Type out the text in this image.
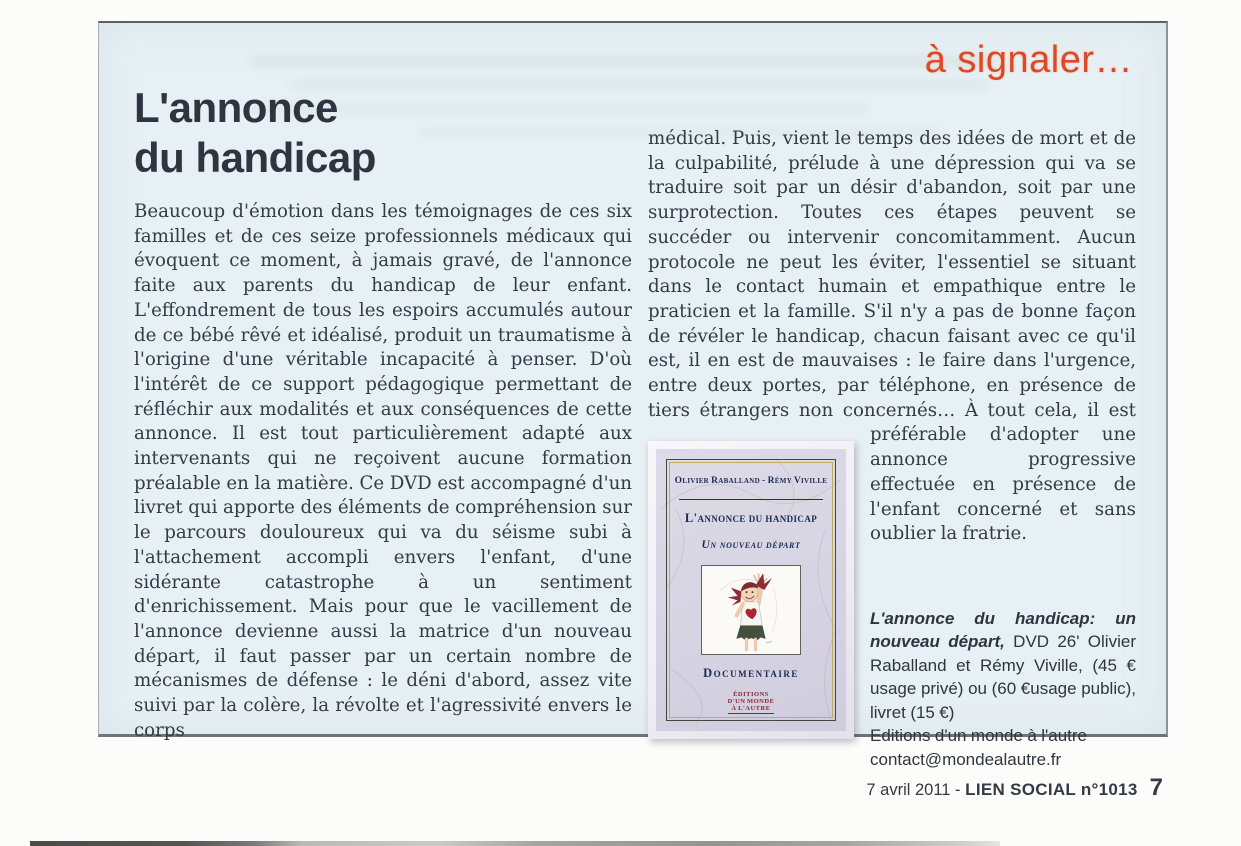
à signaler…
L'annonce
du handicap

Beaucoup d'émotion dans les témoignages de ces six familles et de ces seize professionnels médicaux qui évoquent ce moment, à jamais gravé, de l'annonce faite aux parents du handicap de leur enfant. L'effondrement de tous les espoirs accumulés autour de ce bébé rêvé et idéalisé, produit un traumatisme à l'origine d'une véritable incapacité à penser. D'où l'intérêt de ce support pédagogique permettant de réfléchir aux modalités et aux conséquences de cette annonce. Il est tout particulièrement adapté aux intervenants qui ne reçoivent aucune formation préalable en la matière. Ce DVD est accompagné d'un livret qui apporte des éléments de compréhension sur le parcours douloureux qui va du séisme subi à l'attachement accompli envers l'enfant, d'une sidérante catastrophe à un sentiment d'enrichissement. Mais pour que le vacillement de l'annonce devienne aussi la matrice d'un nouveau départ, il faut passer par un certain nombre de mécanismes de défense : le déni d'abord, assez vite suivi par la colère, la révolte et l'agressivité envers le corps

médical. Puis, vient le temps des idées de mort et de la culpabilité, prélude à une dépression qui va se traduire soit par un désir d'abandon, soit par une surprotection. Toutes ces étapes peuvent se succéder ou intervenir concomitamment. Aucun protocole ne peut les éviter, l'essentiel se situant dans le contact humain et empathique entre le praticien et la famille. S'il n'y a pas de bonne façon de révéler le handicap, chacun faisant avec ce qu'il est, il en est de mauvaises : le faire dans l'urgence, entre deux portes, par téléphone, en présence de tiers étrangers non concernés… À tout
Olivier Raballand - Rémy Viville
L'annonce du handicap
Un nouveau départ
Documentaire
ÉDITIONS
D'UN MONDE
À L'AUTRE
cela, il est préférable d'adopter une annonce progressive effectuée en présence de l'enfant concerné et sans oublier la fratrie.

L'annonce du handicap: un nouveau départ, DVD 26' Olivier Raballand et Rémy Viville, (45 € usage privé) ou (60 €usage public), livret (15 €)
Editions d'un monde à l'autre
contact@mondealautre.fr
7 avril 2011 - LIEN SOCIAL n°1013 7
